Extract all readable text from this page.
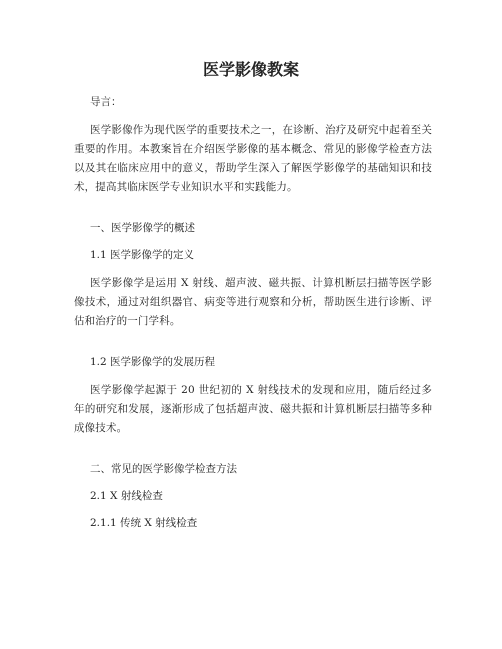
医学影像教案

导言：

医学影像作为现代医学的重要技术之一，在诊断、治疗及研究中起着至关重要的作用。本教案旨在介绍医学影像的基本概念、常见的影像学检查方法以及其在临床应用中的意义，帮助学生深入了解医学影像学的基础知识和技术，提高其临床医学专业知识水平和实践能力。

一、医学影像学的概述

1.1 医学影像学的定义

医学影像学是运用 X 射线、超声波、磁共振、计算机断层扫描等医学影像技术，通过对组织器官、病变等进行观察和分析，帮助医生进行诊断、评估和治疗的一门学科。

1.2 医学影像学的发展历程

医学影像学起源于 20 世纪初的 X 射线技术的发现和应用，随后经过多年的研究和发展，逐渐形成了包括超声波、磁共振和计算机断层扫描等多种成像技术。

二、常见的医学影像学检查方法

2.1 X 射线检查

2.1.1 传统 X 射线检查
